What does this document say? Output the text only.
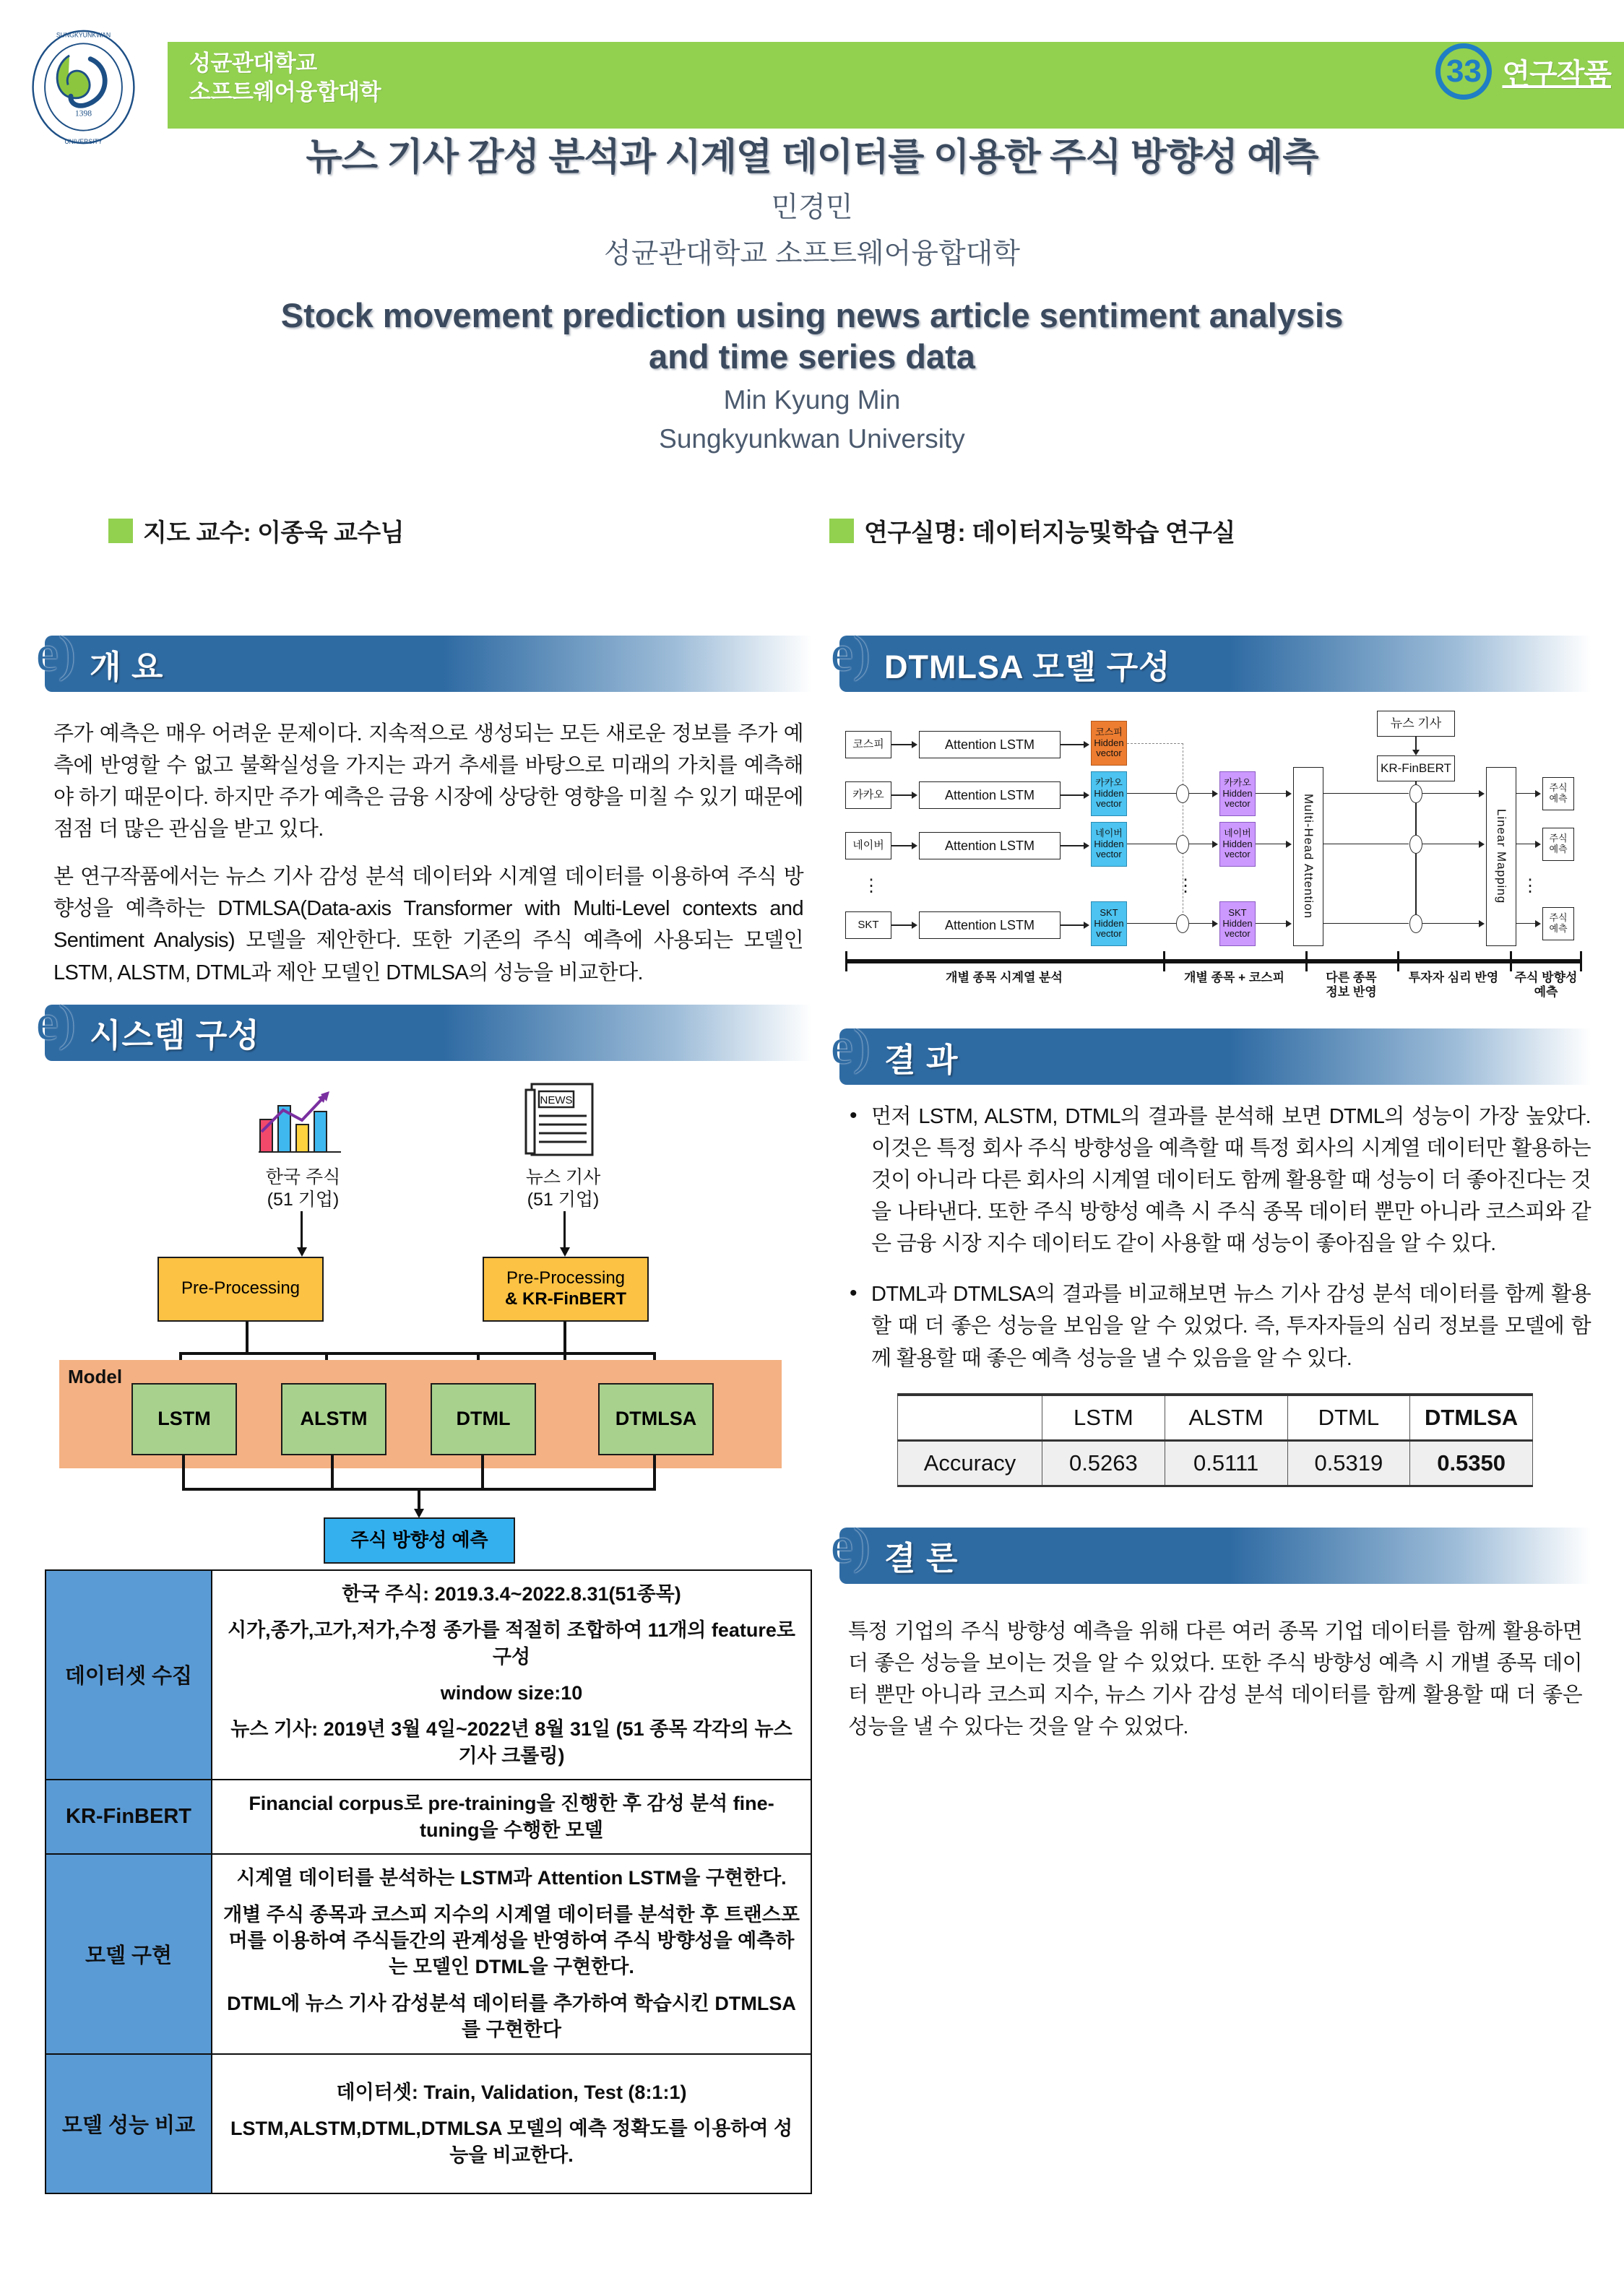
1398
SUNGKYUNKWAN
UNIVERSITY
성균관대학교
소프트웨어융합대학
33 연구작품
뉴스 기사 감성 분석과 시계열 데이터를 이용한 주식 방향성 예측
민경민
성균관대학교 소프트웨어융합대학
Stock movement prediction using news article sentiment analysis
and time series data
Min Kyung Min
Sungkyunkwan University
지도 교수: 이종욱 교수님	연구실명: 데이터지능및학습 연구실
e) 개 요

주가 예측은 매우 어려운 문제이다. 지속적으로 생성되는 모든 새로운 정보를 주가 예측에 반영할 수 없고 불확실성을 가지는 과거 추세를 바탕으로 미래의 가치를 예측해야 하기 때문이다. 하지만 주가 예측은 금융 시장에 상당한 영향을 미칠 수 있기 때문에 점점 더 많은 관심을 받고 있다.

본 연구작품에서는 뉴스 기사 감성 분석 데이터와 시계열 데이터를 이용하여 주식 방향성을 예측하는 DTMLSA(Data-axis Transformer with Multi-Level contexts and Sentiment Analysis) 모델을 제안한다. 또한 기존의 주식 예측에 사용되는 모델인 LSTM, ALSTM, DTML과 제안 모델인 DTMLSA의 성능을 비교한다.

e) 시스템 구성
NEWS
한국 주식
(51 기업)
뉴스 기사
(51 기업)
Pre-Processing
Pre-Processing
& KR-FinBERT
Model
LSTM	ALSTM	DTML	DTMLSA
주식 방향성 예측
데이터셋 수집	한국 주식: 2019.3.4~2022.8.31(51종목)

시가,종가,고가,저가,수정 종가를 적절히 조합하여 11개의 feature로 구성

window size:10

뉴스 기사: 2019년 3월 4일~2022년 8월 31일 (51 종목 각각의 뉴스 기사 크롤링)

KR-FinBERT	Financial corpus로 pre-training을 진행한 후 감성 분석 fine-tuning을 수행한 모델

모델 구현	시계열 데이터를 분석하는 LSTM과 Attention LSTM을 구현한다.

개별 주식 종목과 코스피 지수의 시계열 데이터를 분석한 후 트랜스포머를 이용하여 주식들간의 관계성을 반영하여 주식 방향성을 예측하는 모델인 DTML을 구현한다.

DTML에 뉴스 기사 감성분석 데이터를 추가하여 학습시킨 DTMLSA를 구현한다

모델 성능 비교	데이터셋: Train, Validation, Test (8:1:1)

LSTM,ALSTM,DTML,DTMLSA 모델의 예측 정확도를 이용하여 성능을 비교한다.

e) DTMLSA 모델 구성
코스피	Attention LSTM
코스피
Hidden
vector
카카오	Attention LSTM
카카오
Hidden
vector
카카오
Hidden
vector
네이버	Attention LSTM
네이버
Hidden
vector
네이버
Hidden
vector
⋮	⋮	⋮
SKT	Attention LSTM
SKT
Hidden
vector
SKT
Hidden
vector
Multi-Head Attention
뉴스 기사
KR-FinBERT
Linear Mapping
주식
예측
주식
예측
주식
예측
개별 종목 시계열 분석	개별 종목 + 코스피	다른 종목
정보 반영
투자자 심리 반영	주식 방향성
예측
e) 결 과
• 먼저 LSTM, ALSTM, DTML의 결과를 분석해 보면 DTML의 성능이 가장 높았다. 이것은 특정 회사 주식 방향성을 예측할 때 특정 회사의 시계열 데이터만 활용하는 것이 아니라 다른 회사의 시계열 데이터도 함께 활용할 때 성능이 더 좋아진다는 것을 나타낸다. 또한 주식 방향성 예측 시 주식 종목 데이터 뿐만 아니라 코스피와 같은 금융 시장 지수 데이터도 같이 사용할 때 성능이 좋아짐을 알 수 있다.
• DTML과 DTMLSA의 결과를 비교해보면 뉴스 기사 감성 분석 데이터를 함께 활용할 때 더 좋은 성능을 보임을 알 수 있었다. 즉, 투자자들의 심리 정보를 모델에 함께 활용할 때 좋은 예측 성능을 낼 수 있음을 알 수 있다.
	LSTM	ALSTM	DTML	DTMLSA
Accuracy	0.5263	0.5111	0.5319	0.5350
e) 결 론

특정 기업의 주식 방향성 예측을 위해 다른 여러 종목 기업 데이터를 함께 활용하면 더 좋은 성능을 보이는 것을 알 수 있었다. 또한 주식 방향성 예측 시 개별 종목 데이터 뿐만 아니라 코스피 지수, 뉴스 기사 감성 분석 데이터를 함께 활용할 때 더 좋은 성능을 낼 수 있다는 것을 알 수 있었다.
